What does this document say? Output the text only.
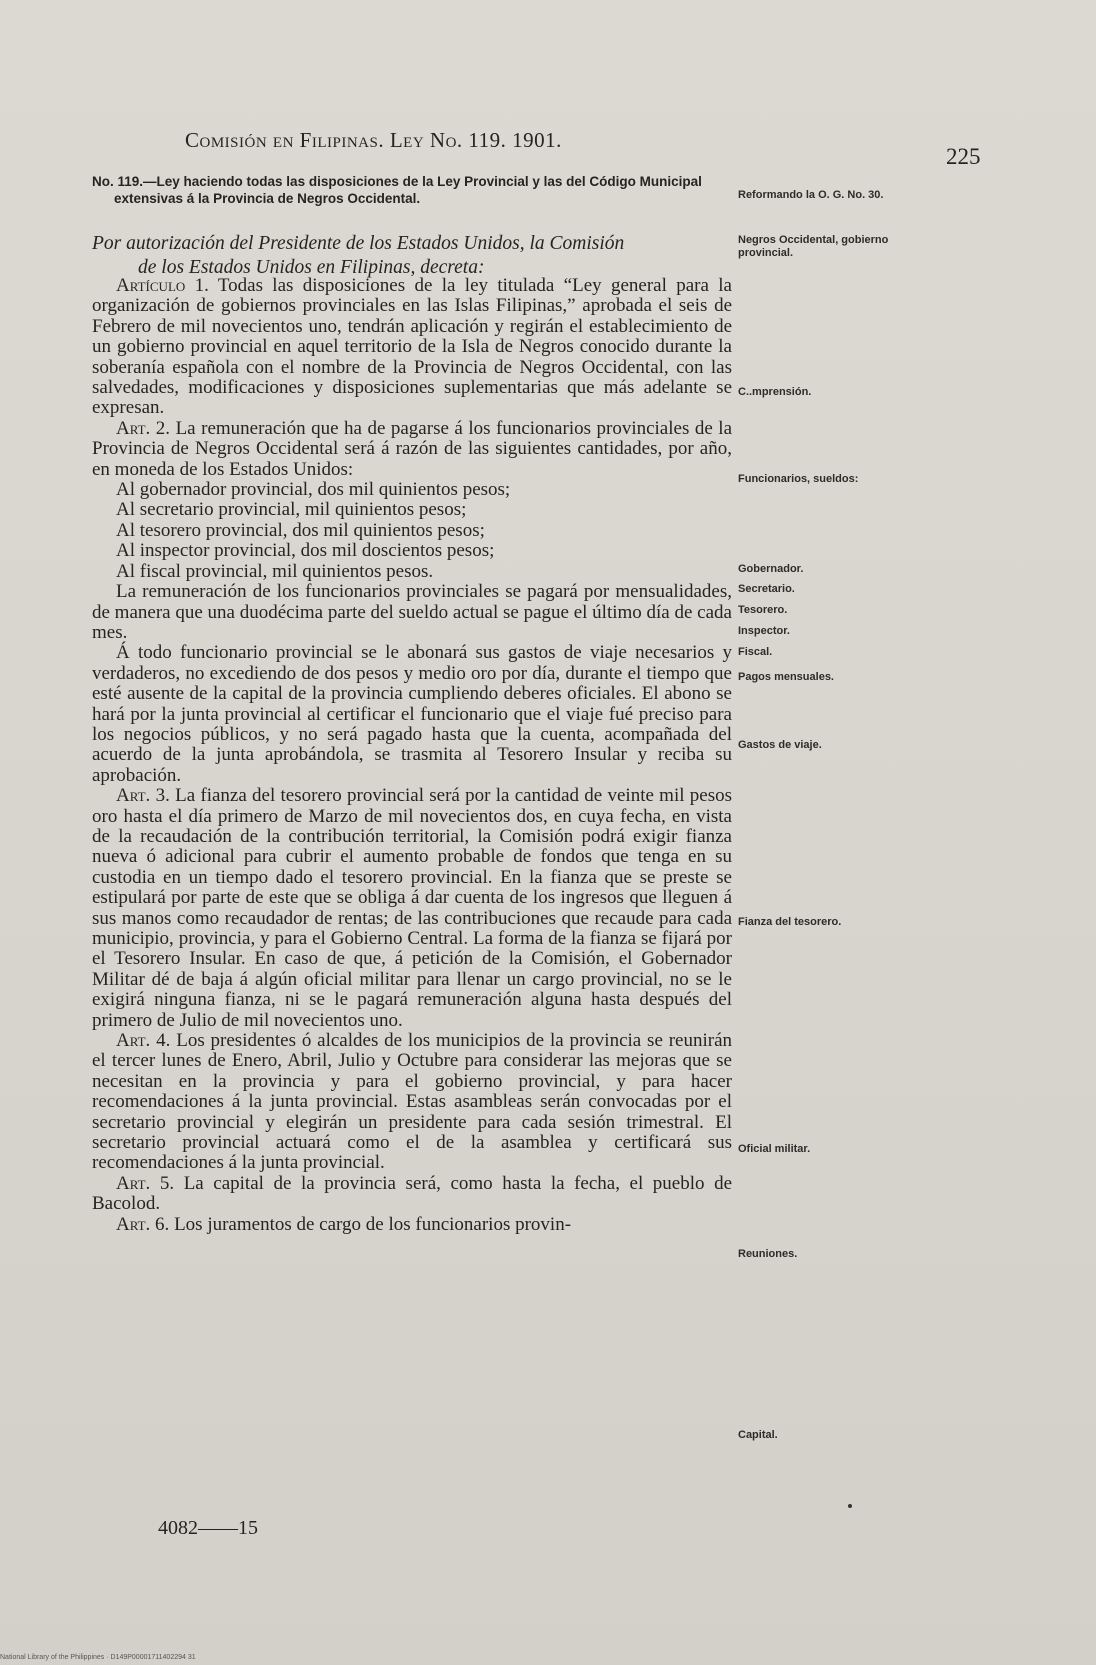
Comisión en Filipinas. Ley No. 119. 1901.
225
No. 119.—Ley haciendo todas las disposiciones de la Ley Provincial y las del Código Municipal extensivas á la Provincia de Negros Occidental.
Por autorización del Presidente de los Estados Unidos, la Comisión
de los Estados Unidos en Filipinas, decreta:

Artículo 1. Todas las disposiciones de la ley titulada “Ley general para la organización de gobiernos provinciales en las Islas Filipinas,” aprobada el seis de Febrero de mil novecientos uno, tendrán aplicación y regirán el establecimiento de un gobierno provincial en aquel territorio de la Isla de Negros conocido durante la soberanía española con el nombre de la Provincia de Negros Occidental, con las salvedades, modificaciones y disposiciones suplementarias que más adelante se expresan.

Art. 2. La remuneración que ha de pagarse á los funcionarios provinciales de la Provincia de Negros Occidental será á razón de las siguientes cantidades, por año, en moneda de los Estados Unidos:

Al gobernador provincial, dos mil quinientos pesos;

Al secretario provincial, mil quinientos pesos;

Al tesorero provincial, dos mil quinientos pesos;

Al inspector provincial, dos mil doscientos pesos;

Al fiscal provincial, mil quinientos pesos.

La remuneración de los funcionarios provinciales se pagará por mensualidades, de manera que una duodécima parte del sueldo actual se pague el último día de cada mes.

Á todo funcionario provincial se le abonará sus gastos de viaje necesarios y verdaderos, no excediendo de dos pesos y medio oro por día, durante el tiempo que esté ausente de la capital de la provincia cumpliendo deberes oficiales. El abono se hará por la junta provincial al certificar el funcionario que el viaje fué preciso para los negocios públicos, y no será pagado hasta que la cuenta, acompañada del acuerdo de la junta aprobándola, se trasmita al Tesorero Insular y reciba su aprobación.

Art. 3. La fianza del tesorero provincial será por la cantidad de veinte mil pesos oro hasta el día primero de Marzo de mil novecientos dos, en cuya fecha, en vista de la recaudación de la contribución territorial, la Comisión podrá exigir fianza nueva ó adicional para cubrir el aumento probable de fondos que tenga en su custodia en un tiempo dado el tesorero provincial. En la fianza que se preste se estipulará por parte de este que se obliga á dar cuenta de los ingresos que lleguen á sus manos como recaudador de rentas; de las contribuciones que recaude para cada municipio, provincia, y para el Gobierno Central. La forma de la fianza se fijará por el Tesorero Insular. En caso de que, á petición de la Comisión, el Gobernador Militar dé de baja á algún oficial militar para llenar un cargo provincial, no se le exigirá ninguna fianza, ni se le pagará remuneración alguna hasta después del primero de Julio de mil novecientos uno.

Art. 4. Los presidentes ó alcaldes de los municipios de la provincia se reunirán el tercer lunes de Enero, Abril, Julio y Octubre para considerar las mejoras que se necesitan en la provincia y para el gobierno provincial, y para hacer recomendaciones á la junta provincial. Estas asambleas serán convocadas por el secretario provincial y elegirán un presidente para cada sesión trimestral. El secretario provincial actuará como el de la asamblea y certificará sus recomendaciones á la junta provincial.

Art. 5. La capital de la provincia será, como hasta la fecha, el pueblo de Bacolod.

Art. 6. Los juramentos de cargo de los funcionarios provin-

4082——15
Reformando la O. G. No. 30.
Negros Occidental, gobierno provincial.
C..mprensión.
Funcionarios, sueldos:
Gobernador.
Secretario.
Tesorero.
Inspector.
Fiscal.
Pagos mensuales.
Gastos de viaje.
Fianza del tesorero.
Oficial militar.
Reuniones.
Capital.
National Library of the Philippines · D149P00001711402294 31
